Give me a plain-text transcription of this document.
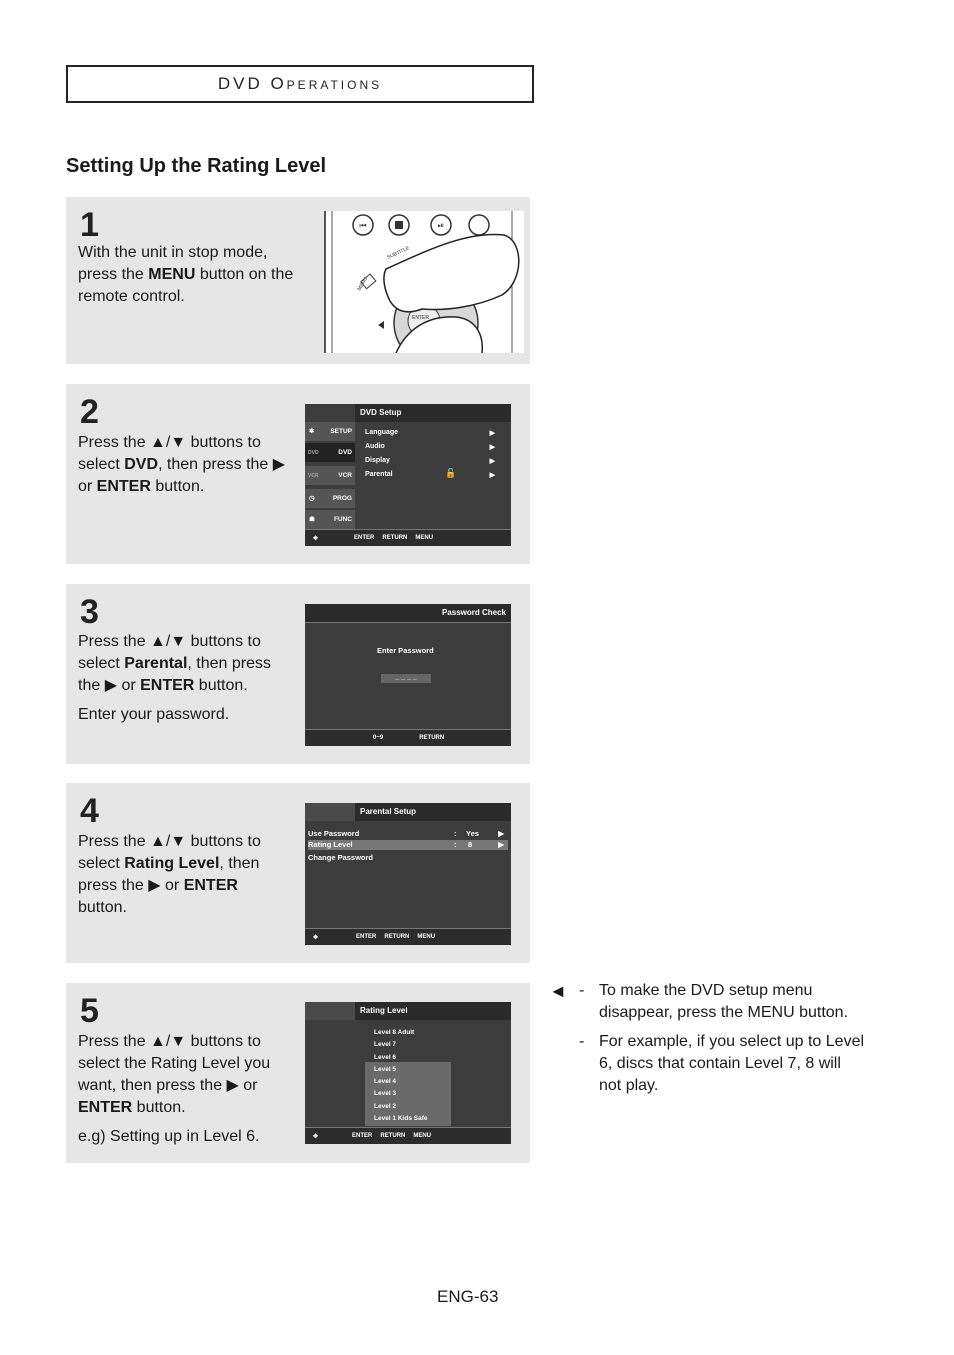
DVD Operations
Setting Up the Rating Level
1
With the unit in stop mode, press the MENU button on the remote control.
⏮	⏯
SUBTITLE
MENU
ENTER
2

Press the ▲/▼ buttons to

select DVD, then press the ▶

or ENTER button.

DVD Setup
✱ SETUP
DVD	DVD
VCR	VCR
◷	PROG
☗	FUNC
Language
Audio
Display
Parental
▶
▶
▶
▶
🔓
✥	ENTER RETURN MENU
3

Press the ▲/▼ buttons to

select Parental, then press

the ▶ or ENTER button.

Enter your password.

Password Check
Enter Password
_ _ _ _
0~9	RETURN
4

Press the ▲/▼ buttons to

select Rating Level, then

press the ▶ or ENTER

button.

Parental Setup
Use Password	: Yes	▶
Rating Level	: 8	▶
Change Password
✥	ENTER RETURN MENU
5

Press the ▲/▼ buttons to

select the Rating Level you

want, then press the ▶ or

ENTER button.

e.g) Setting up in Level 6.

Rating Level
Level 8 Adult
Level 7
Level 6
Level 5
Level 4
Level 3
Level 2
Level 1 Kids Safe
✥	ENTER RETURN MENU
◄ - To make the DVD setup menu
disappear, press the MENU button.
- For example, if you select up to Level
6, discs that contain Level 7, 8 will
not play.
ENG-63
